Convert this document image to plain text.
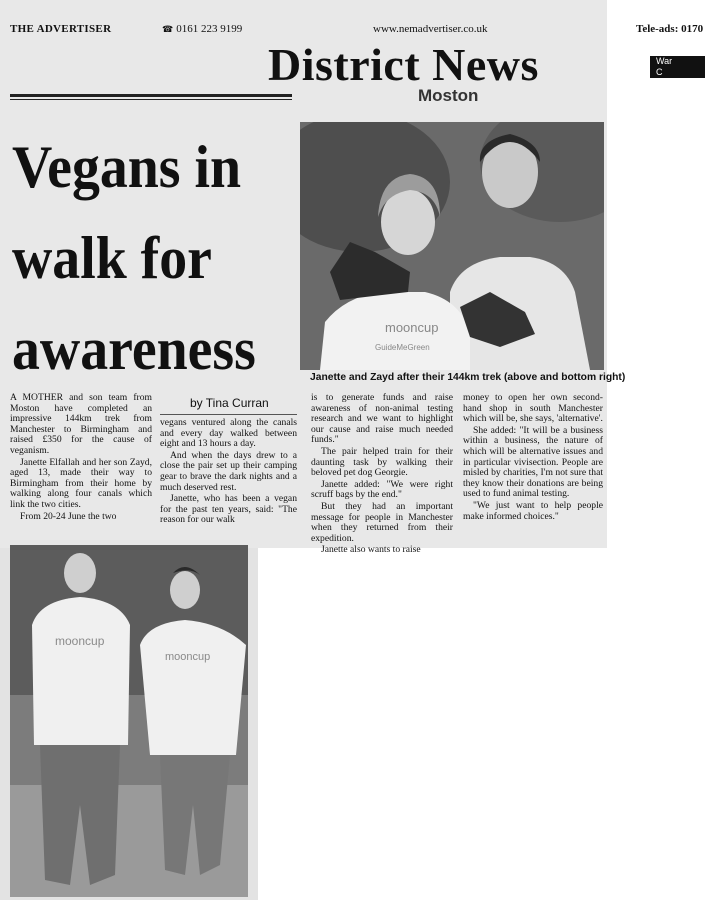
THE ADVERTISER	☎ 0161 223 9199	www.nemadvertiser.co.uk	Tele-ads: 0170
District News
Moston
War
C
Vegans in
walk for
awareness	mooncup
GuideMeGreen
Janette and Zayd after their 144km trek (above and bottom right)
by Tina Curran

A MOTHER and son team from Moston have completed an impressive 144km trek from Manchester to Birmingham and raised £350 for the cause of veganism.

Janette Elfallah and her son Zayd, aged 13, made their way to Birmingham from their home by walking along four canals which link the two cities.

From 20-24 June the two

vegans ventured along the canals and every day walked between eight and 13 hours a day.

And when the days drew to a close the pair set up their camping gear to brave the dark nights and a much deserved rest.

Janette, who has been a vegan for the past ten years, said: "The reason for our walk

is to generate funds and raise awareness of non-animal testing research and we want to highlight our cause and raise much needed funds."

The pair helped train for their daunting task by walking their beloved pet dog Georgie.

Janette added: "We were right scruff bags by the end."

But they had an important message for people in Manchester when they returned from their expedition.

Janette also wants to raise

money to open her own second-hand shop in south Manchester which will be, she says, 'alternative'.

She added: "It will be a business within a business, the nature of which will be alternative issues and in particular vivisection. People are misled by charities, I'm not sure that they know their donations are being used to fund animal testing.

"We just want to help people make informed choices."

mooncup
mooncup
